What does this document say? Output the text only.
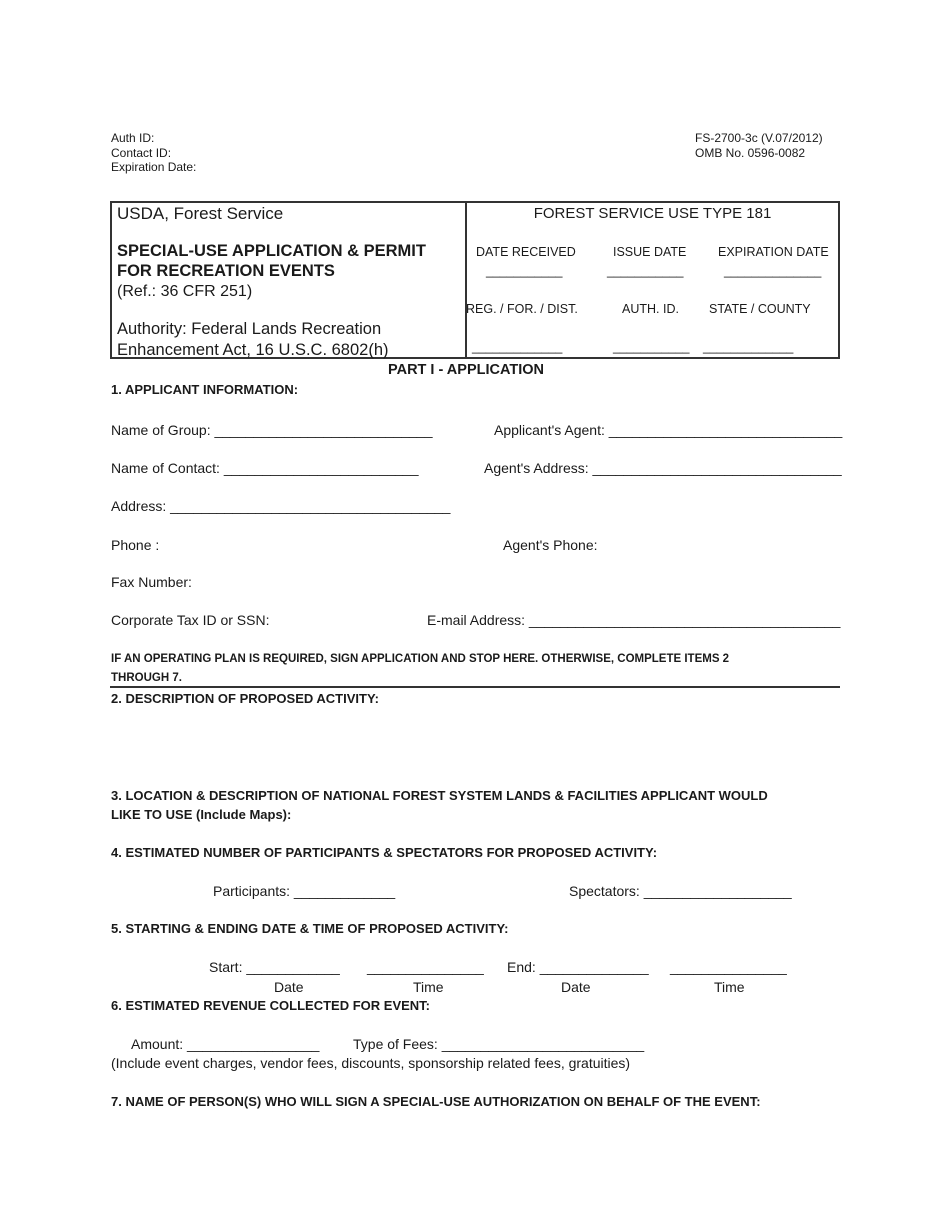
Auth ID:
Contact ID:
Expiration Date:
FS-2700-3c (V.07/2012)
OMB No. 0596-0082
USDA, Forest Service
SPECIAL-USE APPLICATION & PERMIT
FOR RECREATION EVENTS
(Ref.: 36 CFR 251)
Authority: Federal Lands Recreation
Enhancement Act, 16 U.S.C. 6802(h)
FOREST SERVICE USE TYPE 181
DATE RECEIVED	ISSUE DATE	EXPIRATION DATE
___________	___________	______________
REG. / FOR. / DIST.	AUTH. ID. STATE / COUNTY
_____________	___________ _____________
PART I - APPLICATION
1. APPLICANT INFORMATION:
Name of Group: ____________________________	Applicant's Agent: ______________________________
Name of Contact: _________________________	Agent's Address: ________________________________
Address: ____________________________________
Phone :	Agent's Phone:
Fax Number:
Corporate Tax ID or SSN:	E-mail Address: ________________________________________
IF AN OPERATING PLAN IS REQUIRED, SIGN APPLICATION AND STOP HERE. OTHERWISE, COMPLETE ITEMS 2
THROUGH 7.
2. DESCRIPTION OF PROPOSED ACTIVITY:
3. LOCATION & DESCRIPTION OF NATIONAL FOREST SYSTEM LANDS & FACILITIES APPLICANT WOULD
LIKE TO USE (Include Maps):
4. ESTIMATED NUMBER OF PARTICIPANTS & SPECTATORS FOR PROPOSED ACTIVITY:
Participants: _____________	Spectators: ___________________
5. STARTING & ENDING DATE & TIME OF PROPOSED ACTIVITY:
Start: ____________ _______________ End: ______________ _______________
Date	Time	Date	Time
6. ESTIMATED REVENUE COLLECTED FOR EVENT:
Amount: _________________ Type of Fees: __________________________
(Include event charges, vendor fees, discounts, sponsorship related fees, gratuities)
7. NAME OF PERSON(S) WHO WILL SIGN A SPECIAL-USE AUTHORIZATION ON BEHALF OF THE EVENT:
